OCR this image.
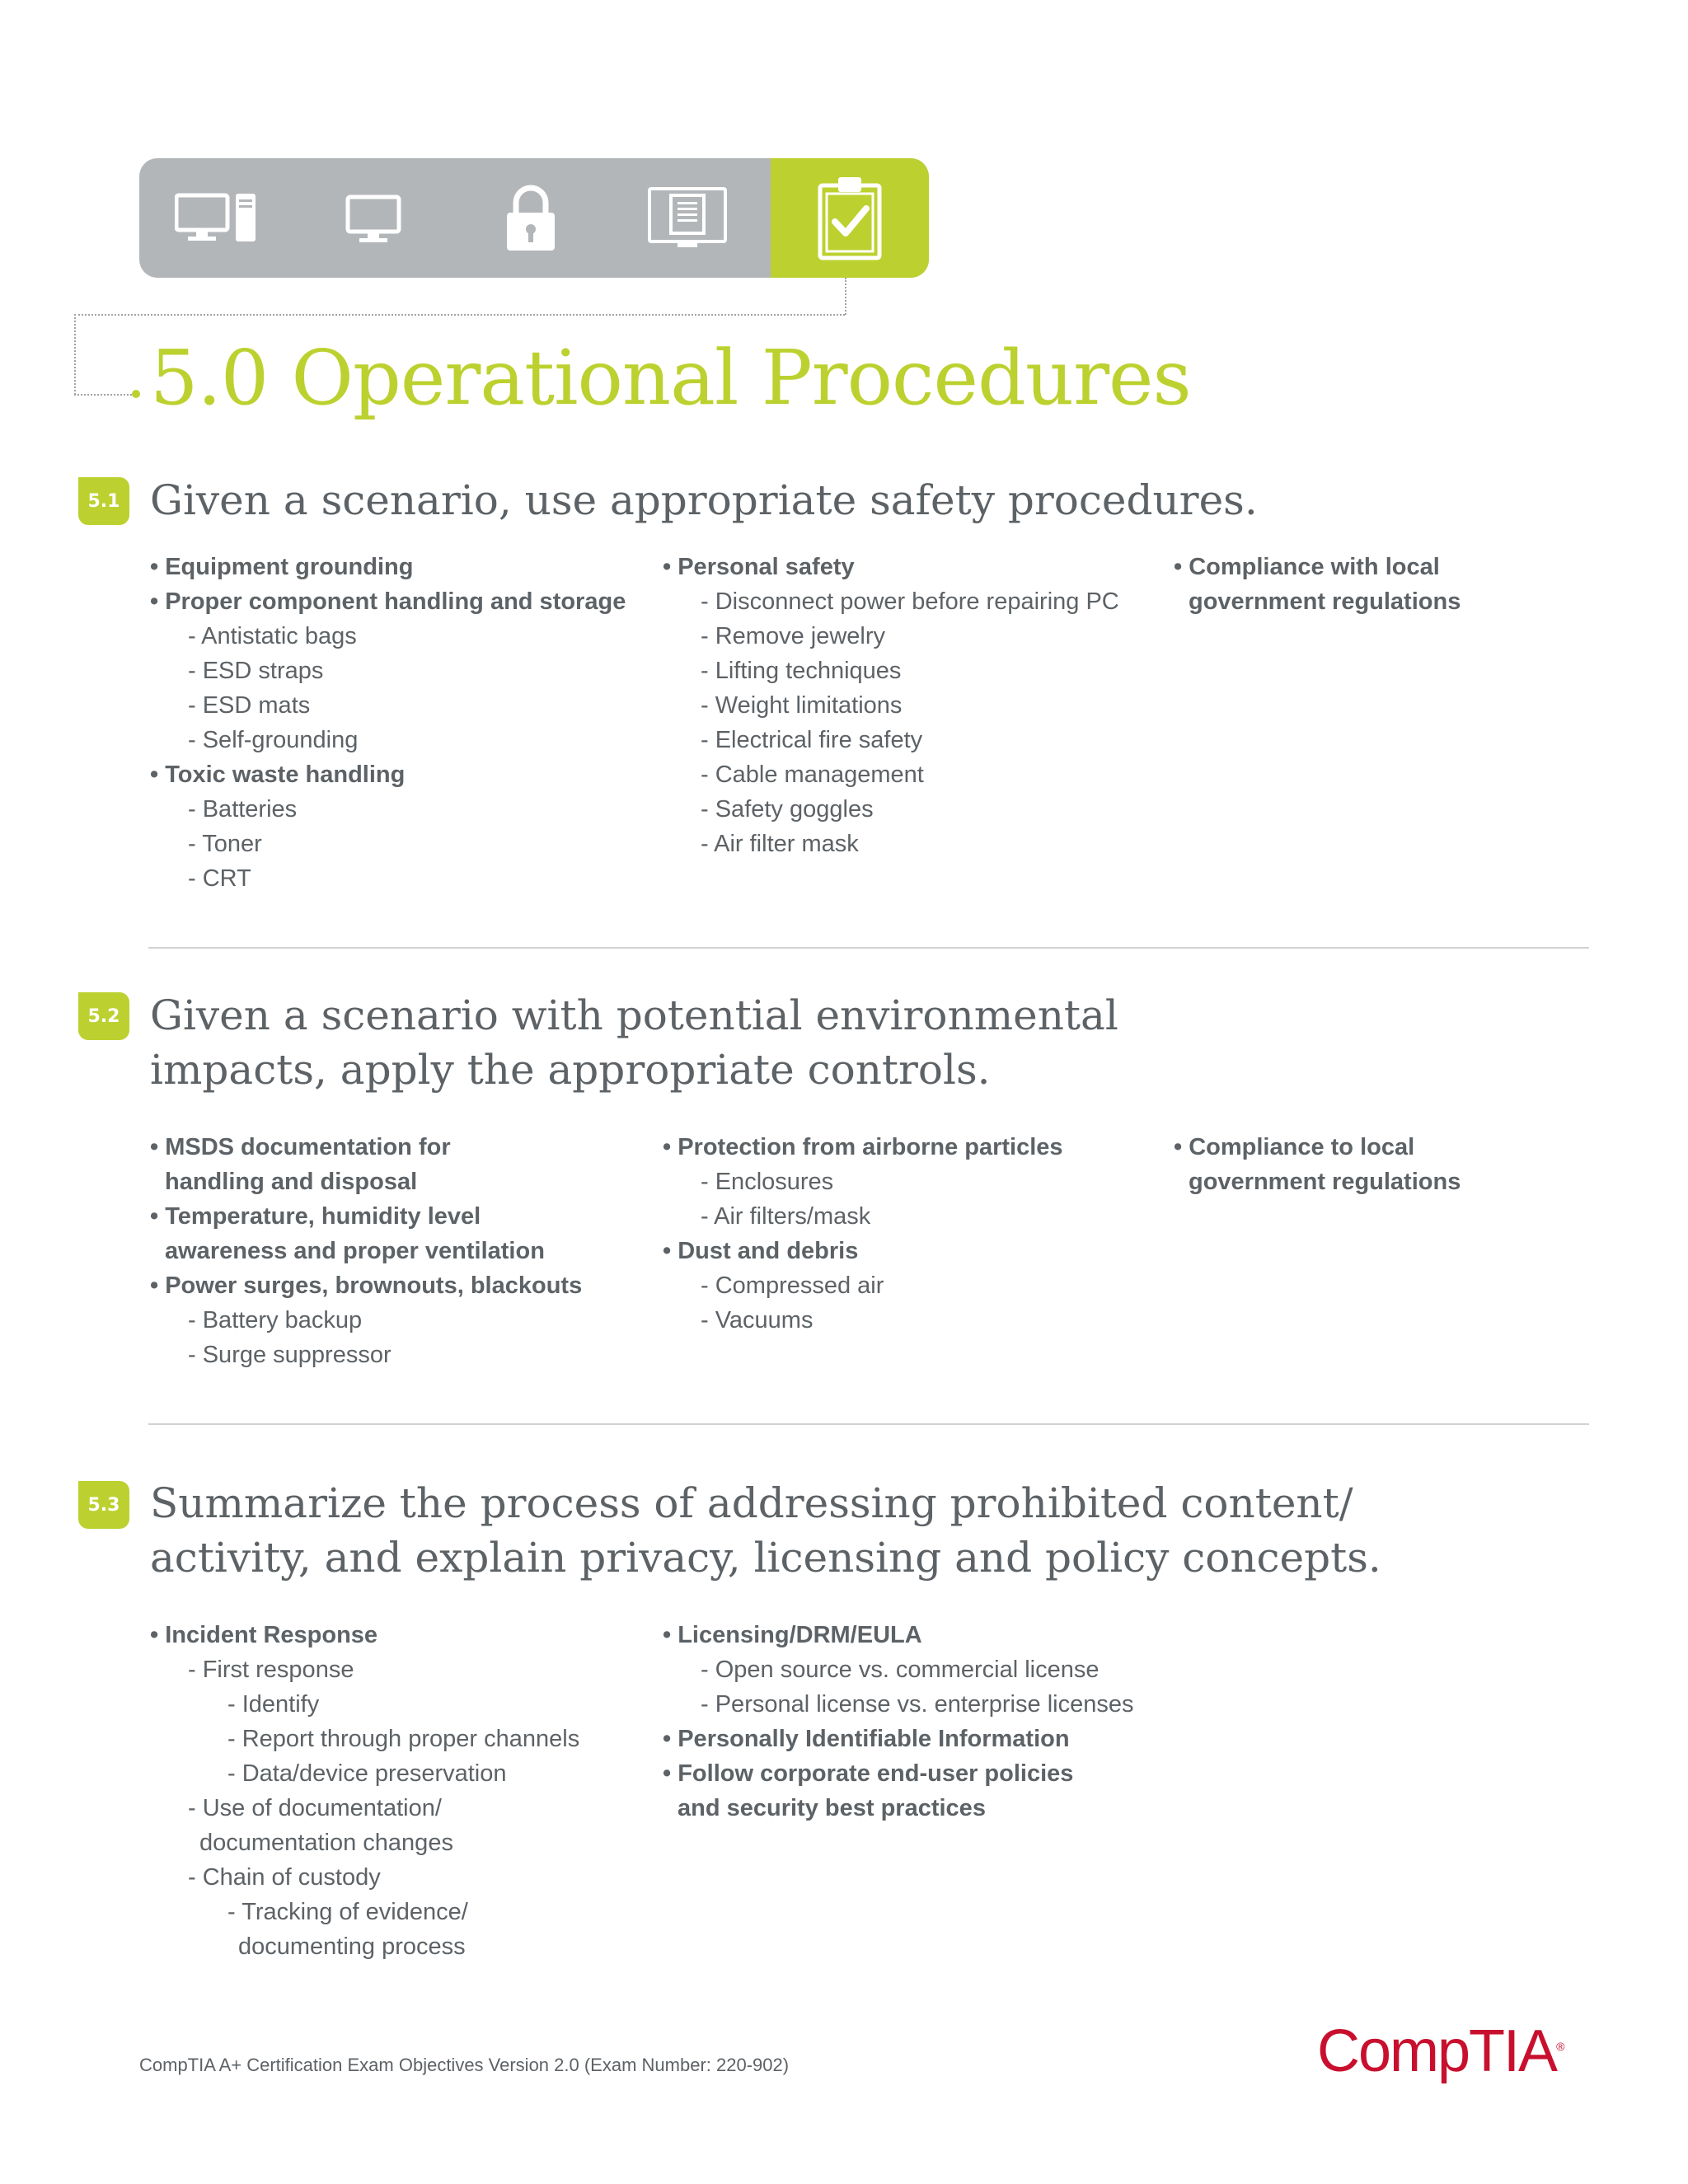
5.0 Operational Procedures
5.1 Given a scenario, use appropriate safety procedures.
• Equipment grounding
• Proper component handling and storage
- Antistatic bags
- ESD straps
- ESD mats
- Self-grounding
• Toxic waste handling
- Batteries
- Toner
- CRT
• Personal safety
- Disconnect power before repairing PC
- Remove jewelry
- Lifting techniques
- Weight limitations
- Electrical fire safety
- Cable management
- Safety goggles
- Air filter mask
• Compliance with local
government regulations
5.2 Given a scenario with potential environmental
impacts, apply the appropriate controls.
• MSDS documentation for
handling and disposal
• Temperature, humidity level
awareness and proper ventilation
• Power surges, brownouts, blackouts
- Battery backup
- Surge suppressor
• Protection from airborne particles
- Enclosures
- Air filters/mask
• Dust and debris
- Compressed air
- Vacuums
• Compliance to local
government regulations
5.3 Summarize the process of addressing prohibited content/
activity, and explain privacy, licensing and policy concepts.
• Incident Response
- First response
- Identify
- Report through proper channels
- Data/device preservation
- Use of documentation/
documentation changes
- Chain of custody
- Tracking of evidence/
documenting process
• Licensing/DRM/EULA
- Open source vs. commercial license
- Personal license vs. enterprise licenses
• Personally Identifiable Information
• Follow corporate end-user policies
and security best practices
CompTIA A+ Certification Exam Objectives Version 2.0 (Exam Number: 220-902)	CompTIA®
